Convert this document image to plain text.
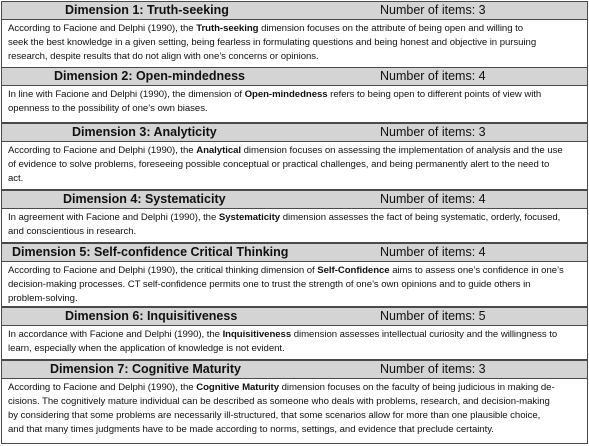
Dimension 1: Truth-seeking	Number of items: 3
According to Facione and Delphi (1990), the Truth-seeking dimension focuses on the attribute of being open and willing to
seek the best knowledge in a given setting, being fearless in formulating questions and being honest and objective in pursuing
research, despite results that do not align with one’s concerns or opinions.
Dimension 2: Open-mindedness	Number of items: 4
In line with Facione and Delphi (1990), the dimension of Open-mindedness refers to being open to different points of view with
openness to the possibility of one’s own biases.
Dimension 3: Analyticity	Number of items: 3
According to Facione and Delphi (1990), the Analytical dimension focuses on assessing the implementation of analysis and the use
of evidence to solve problems, foreseeing possible conceptual or practical challenges, and being permanently alert to the need to
act.
Dimension 4: Systematicity	Number of items: 4
In agreement with Facione and Delphi (1990), the Systematicity dimension assesses the fact of being systematic, orderly, focused,
and conscientious in research.
Dimension 5: Self-confidence Critical Thinking	Number of items: 4
According to Facione and Delphi (1990), the critical thinking dimension of Self-Confidence aims to assess one’s confidence in one’s
decision-making processes. CT self-confidence permits one to trust the strength of one’s own opinions and to guide others in
problem-solving.
Dimension 6: Inquisitiveness	Number of items: 5
In accordance with Facione and Delphi (1990), the Inquisitiveness dimension assesses intellectual curiosity and the willingness to
learn, especially when the application of knowledge is not evident.
Dimension 7: Cognitive Maturity	Number of items: 3
According to Facione and Delphi (1990), the Cognitive Maturity dimension focuses on the faculty of being judicious in making de-
cisions. The cognitively mature individual can be described as someone who deals with problems, research, and decision-making
by considering that some problems are necessarily ill-structured, that some scenarios allow for more than one plausible choice,
and that many times judgments have to be made according to norms, settings, and evidence that preclude certainty.
